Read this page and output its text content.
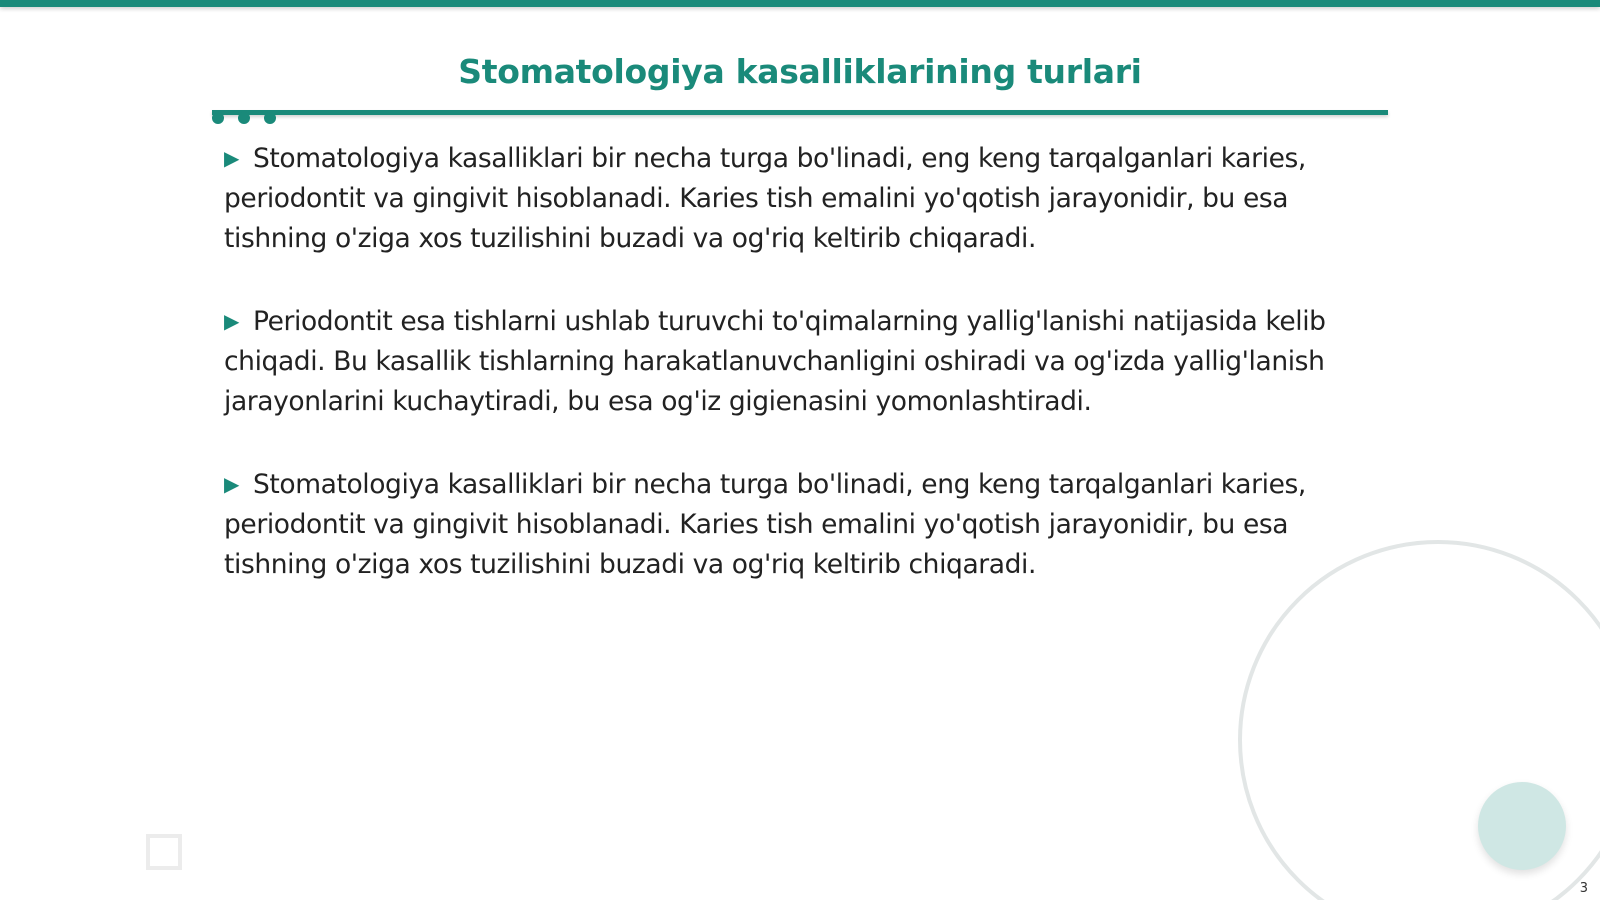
Stomatologiya kasalliklarining turlari

▶ Stomatologiya kasalliklari bir necha turga bo'linadi, eng keng tarqalganlari karies, periodontit va gingivit hisoblanadi. Karies tish emalini yo'qotish jarayonidir, bu esa tishning o'ziga xos tuzilishini buzadi va og'riq keltirib chiqaradi.

▶ Periodontit esa tishlarni ushlab turuvchi to'qimalarning yallig'lanishi natijasida kelib chiqadi. Bu kasallik tishlarning harakatlanuvchanligini oshiradi va og'izda yallig'lanish jarayonlarini kuchaytiradi, bu esa og'iz gigienasini yomonlashtiradi.

▶ Stomatologiya kasalliklari bir necha turga bo'linadi, eng keng tarqalganlari karies, periodontit va gingivit hisoblanadi. Karies tish emalini yo'qotish jarayonidir, bu esa tishning o'ziga xos tuzilishini buzadi va og'riq keltirib chiqaradi.

3
